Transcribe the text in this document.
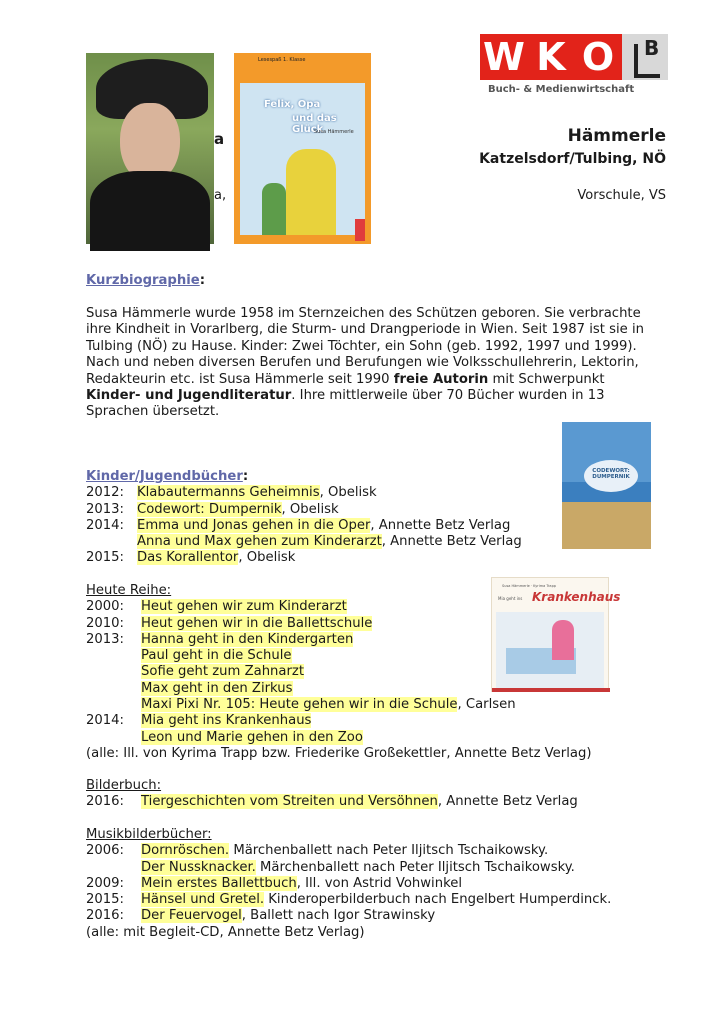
Lesespaß 1. Klasse
Felix, Opa
und das Glück
Susa Hämmerle
CODEWORT: DUMPERNIK
Susa Hämmerle · Kyrima Trapp
Mia geht ins Krankenhaus
W K O	B
Buch- & Medienwirtschaft
a
a,
Hämmerle
Katzelsdorf/Tulbing, NÖ
Vorschule, VS
Kurzbiographie:
Susa Hämmerle wurde 1958 im Sternzeichen des Schützen geboren. Sie verbrachte ihre Kindheit in Vorarlberg, die Sturm- und Drangperiode in Wien. Seit 1987 ist sie in Tulbing (NÖ) zu Hause. Kinder: Zwei Töchter, ein Sohn (geb. 1992, 1997 und 1999).
Nach und neben diversen Berufen und Berufungen wie Volksschullehrerin, Lektorin, Redakteurin etc. ist Susa Hämmerle seit 1990 freie Autorin mit Schwerpunkt Kinder- und Jugendliteratur. Ihre mittlerweile über 70 Bücher wurden in 13 Sprachen übersetzt.
Kinder/Jugendbücher:
2012: Klabautermanns Geheimnis, Obelisk
2013: Codewort: Dumpernik, Obelisk
2014: Emma und Jonas gehen in die Oper, Annette Betz Verlag
Anna und Max gehen zum Kinderarzt, Annette Betz Verlag
2015: Das Korallentor, Obelisk
Heute Reihe:
2000: Heut gehen wir zum Kinderarzt
2010: Heut gehen wir in die Ballettschule
2013: Hanna geht in den Kindergarten
Paul geht in die Schule
Sofie geht zum Zahnarzt
Max geht in den Zirkus
Maxi Pixi Nr. 105: Heute gehen wir in die Schule, Carlsen
2014: Mia geht ins Krankenhaus
Leon und Marie gehen in den Zoo
(alle: Ill. von Kyrima Trapp bzw. Friederike Großekettler, Annette Betz Verlag)
Bilderbuch:
2016: Tiergeschichten vom Streiten und Versöhnen, Annette Betz Verlag
Musikbilderbücher:
2006: Dornröschen. Märchenballett nach Peter Iljitsch Tschaikowsky.
Der Nussknacker. Märchenballett nach Peter Iljitsch Tschaikowsky.
2009: Mein erstes Ballettbuch, Ill. von Astrid Vohwinkel
2015: Hänsel und Gretel. Kinderoperbilderbuch nach Engelbert Humperdinck.
2016: Der Feuervogel, Ballett nach Igor Strawinsky
(alle: mit Begleit-CD, Annette Betz Verlag)
